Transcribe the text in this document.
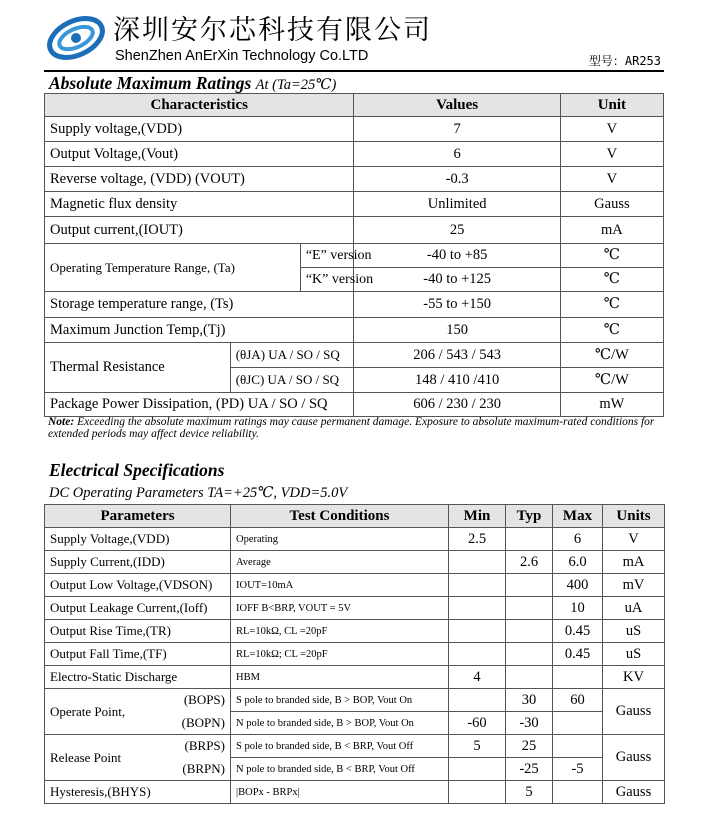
深圳安尔芯科技有限公司
ShenZhen AnErXin Technology Co.LTD	型号：AR253
Absolute Maximum Ratings At (Ta=25℃)
Characteristics			Values	Unit
Supply voltage,(VDD)			7	V
Output Voltage,(Vout)			6	V
Reverse voltage, (VDD) (VOUT)			-0.3	V
Magnetic flux density			Unlimited	Gauss
Output current,(IOUT)			25	mA
Operating Temperature Range, (Ta)		“E” version	-40 to +85	℃
		“K” version	-40 to +125	℃
Storage temperature range, (Ts)			-55 to +150	℃
Maximum Junction Temp,(Tj)			150	℃
Thermal Resistance	(θJA) UA / SO / SQ		206 / 543 / 543	℃/W
	(θJC) UA / SO / SQ		148 / 410 /410	℃/W
Package Power Dissipation, (PD) UA / SO / SQ			606 / 230 / 230	mW
Note: Exceeding the absolute maximum ratings may cause permanent damage. Exposure to absolute maximum-rated conditions for extended periods may affect device reliability.
Electrical Specifications
DC Operating Parameters TA=+25℃, VDD=5.0V
Parameters		Test Conditions	Min	Typ	Max	Units
Supply Voltage,(VDD)		Operating	2.5		6	V
Supply Current,(IDD)		Average		2.6	6.0	mA
Output Low Voltage,(VDSON)		IOUT=10mA			400	mV
Output Leakage Current,(Ioff)		IOFF B<BRP, VOUT = 5V			10	uA
Output Rise Time,(TR)		RL=10kΩ, CL =20pF			0.45	uS
Output Fall Time,(TF)		RL=10kΩ; CL =20pF			0.45	uS
Electro-Static Discharge		HBM	4			KV
Operate Point,	(BOPS)	S pole to branded side, B > BOP, Vout On		30	60	Gauss
	(BOPN)	N pole to branded side, B > BOP, Vout On	-60	-30		
Release Point	(BRPS)	S pole to branded side, B < BRP, Vout Off	5	25		Gauss
	(BRPN)	N pole to branded side, B < BRP, Vout Off		-25	-5	
Hysteresis,(BHYS)		|BOPx - BRPx|		5		Gauss
